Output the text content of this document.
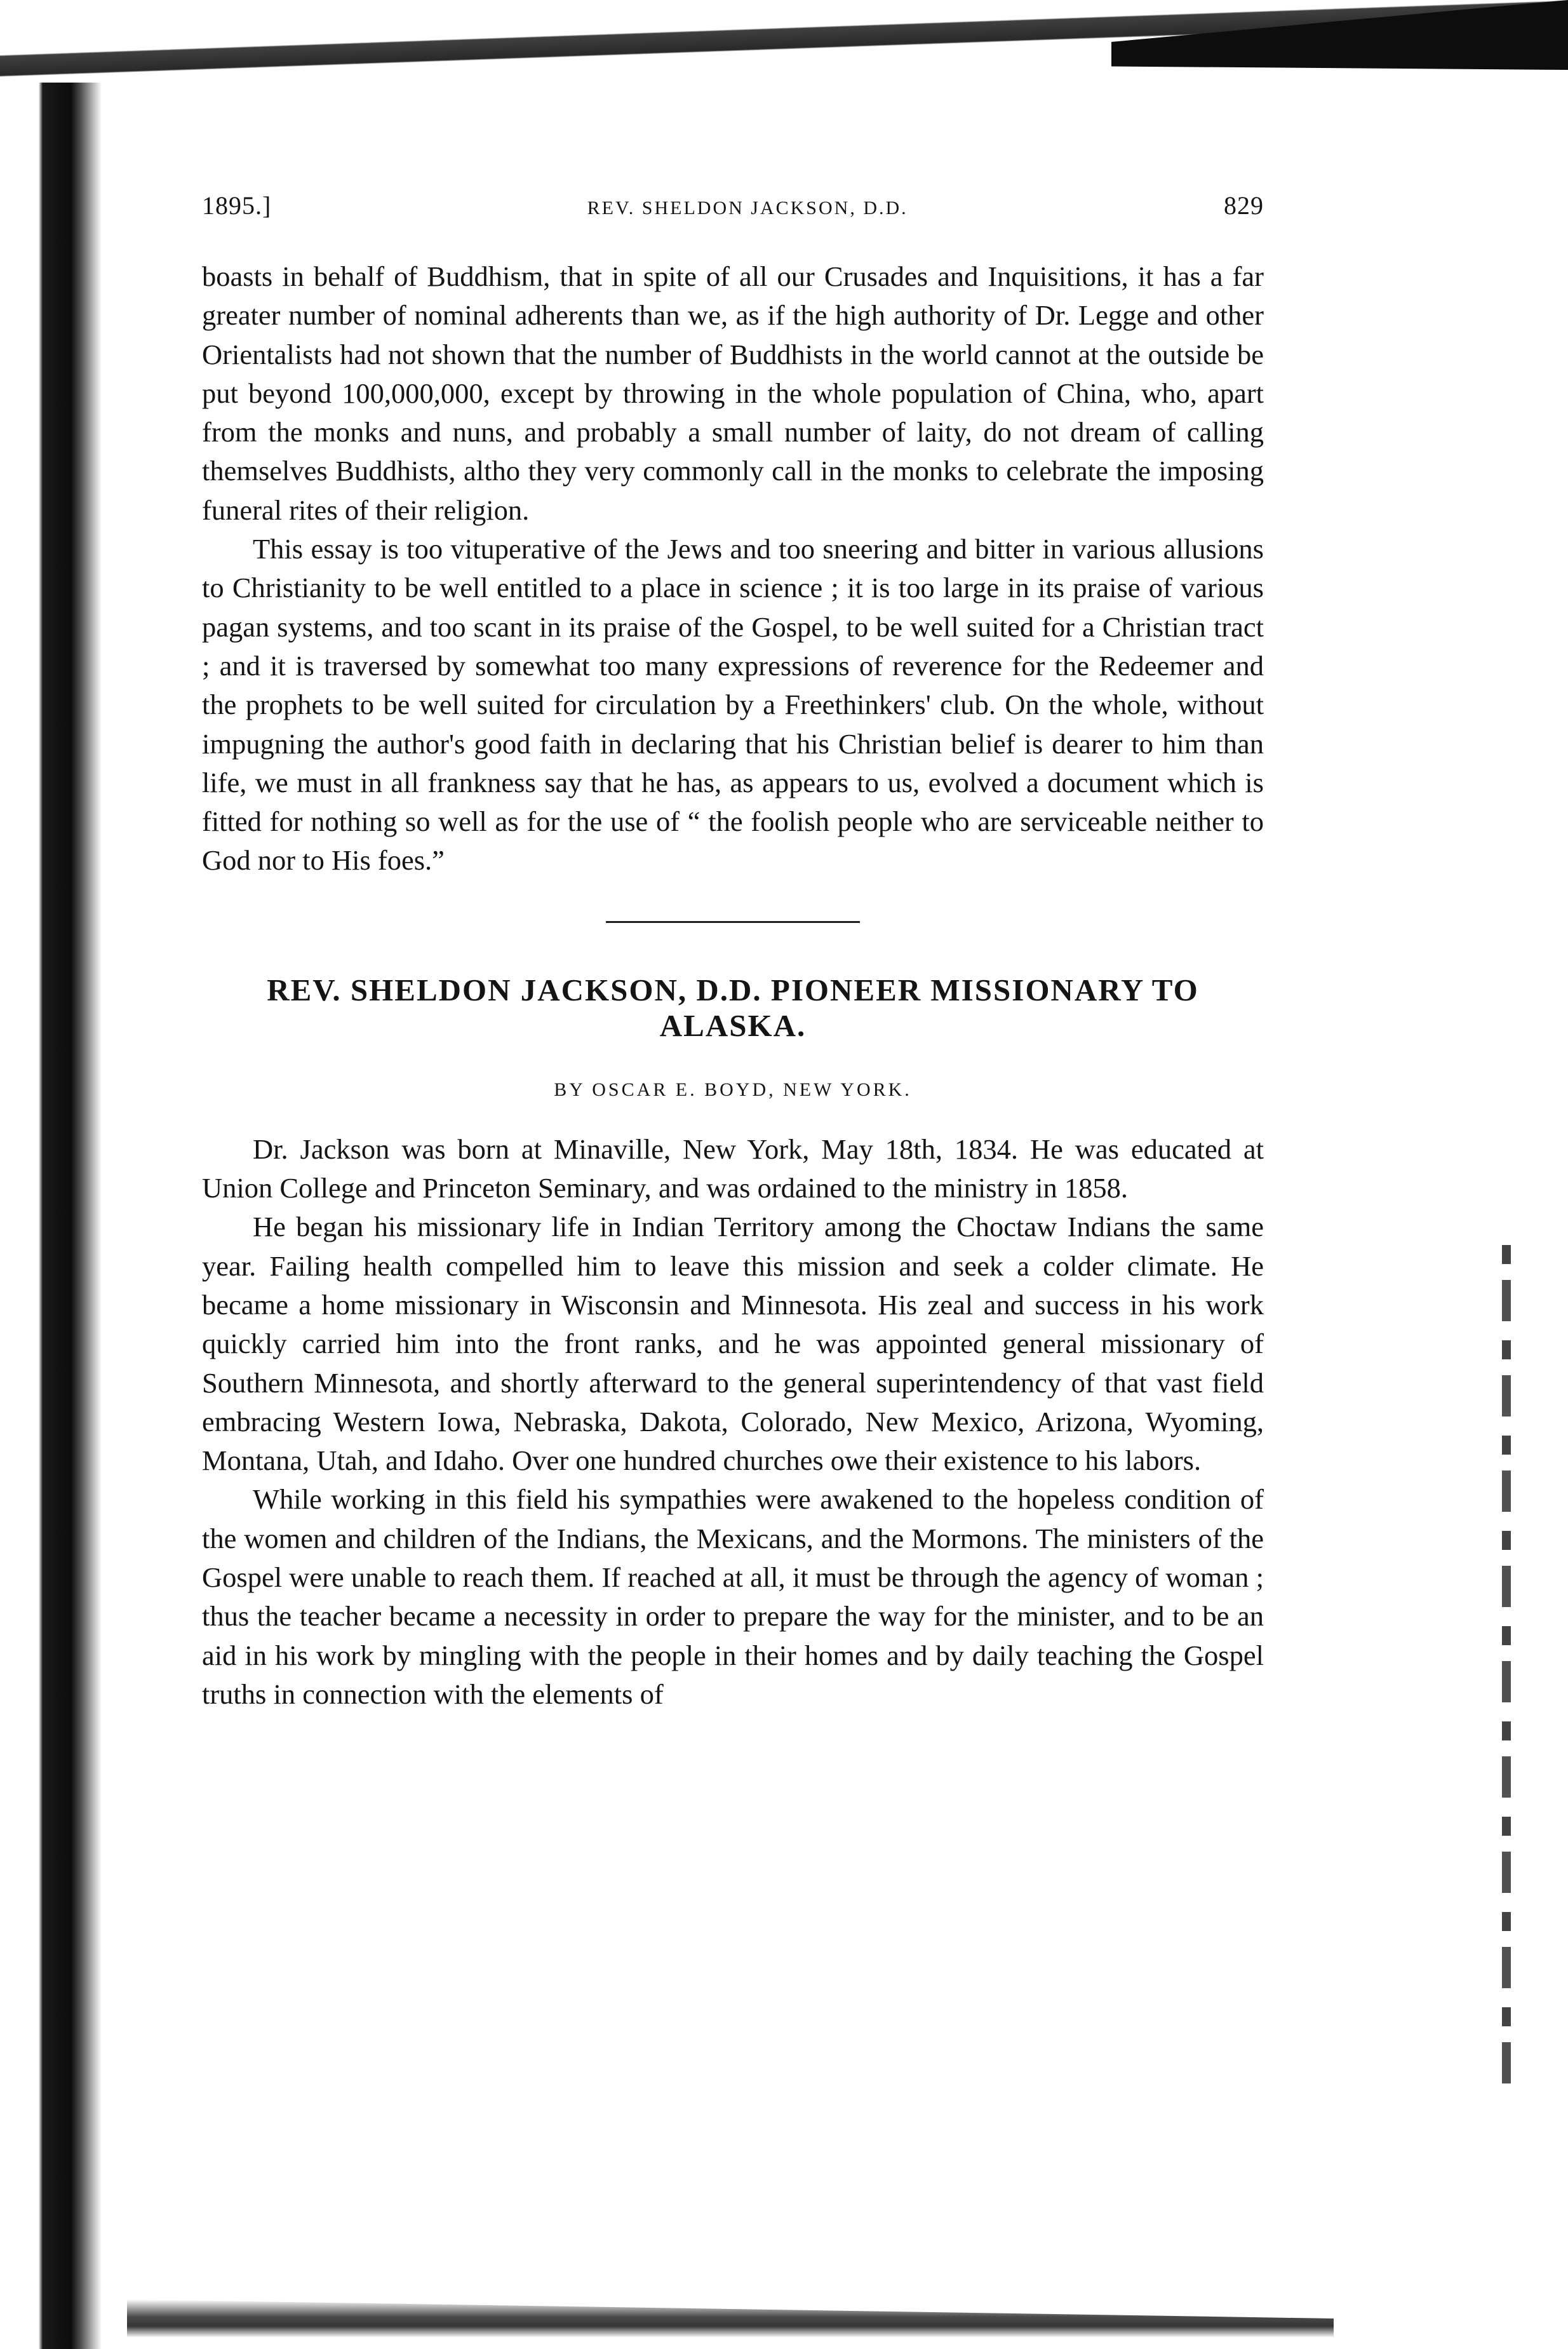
1895.]	REV. SHELDON JACKSON, D.D.	829

boasts in behalf of Buddhism, that in spite of all our Crusades and Inquisitions, it has a far greater number of nominal adherents than we, as if the high authority of Dr. Legge and other Orientalists had not shown that the number of Buddhists in the world cannot at the outside be put beyond 100,000,000, except by throwing in the whole population of China, who, apart from the monks and nuns, and probably a small number of laity, do not dream of calling themselves Buddhists, altho they very commonly call in the monks to celebrate the imposing funeral rites of their religion.

This essay is too vituperative of the Jews and too sneering and bitter in various allusions to Christianity to be well entitled to a place in science ; it is too large in its praise of various pagan systems, and too scant in its praise of the Gospel, to be well suited for a Christian tract ; and it is traversed by somewhat too many expressions of reverence for the Redeemer and the prophets to be well suited for circulation by a Freethinkers' club. On the whole, without impugning the author's good faith in declaring that his Christian belief is dearer to him than life, we must in all frankness say that he has, as appears to us, evolved a document which is fitted for nothing so well as for the use of “ the foolish people who are serviceable neither to God nor to His foes.”

REV. SHELDON JACKSON, D.D. PIONEER MISSIONARY TO
ALASKA.
BY OSCAR E. BOYD, NEW YORK.

Dr. Jackson was born at Minaville, New York, May 18th, 1834. He was educated at Union College and Princeton Seminary, and was ordained to the ministry in 1858.

He began his missionary life in Indian Territory among the Choctaw Indians the same year. Failing health compelled him to leave this mission and seek a colder climate. He became a home missionary in Wisconsin and Minnesota. His zeal and success in his work quickly carried him into the front ranks, and he was appointed general missionary of Southern Minnesota, and shortly afterward to the general superintendency of that vast field embracing Western Iowa, Nebraska, Dakota, Colorado, New Mexico, Arizona, Wyoming, Montana, Utah, and Idaho. Over one hundred churches owe their existence to his labors.

While working in this field his sympathies were awakened to the hopeless condition of the women and children of the Indians, the Mexicans, and the Mormons. The ministers of the Gospel were unable to reach them. If reached at all, it must be through the agency of woman ; thus the teacher became a necessity in order to prepare the way for the minister, and to be an aid in his work by mingling with the people in their homes and by daily teaching the Gospel truths in connection with the elements of
